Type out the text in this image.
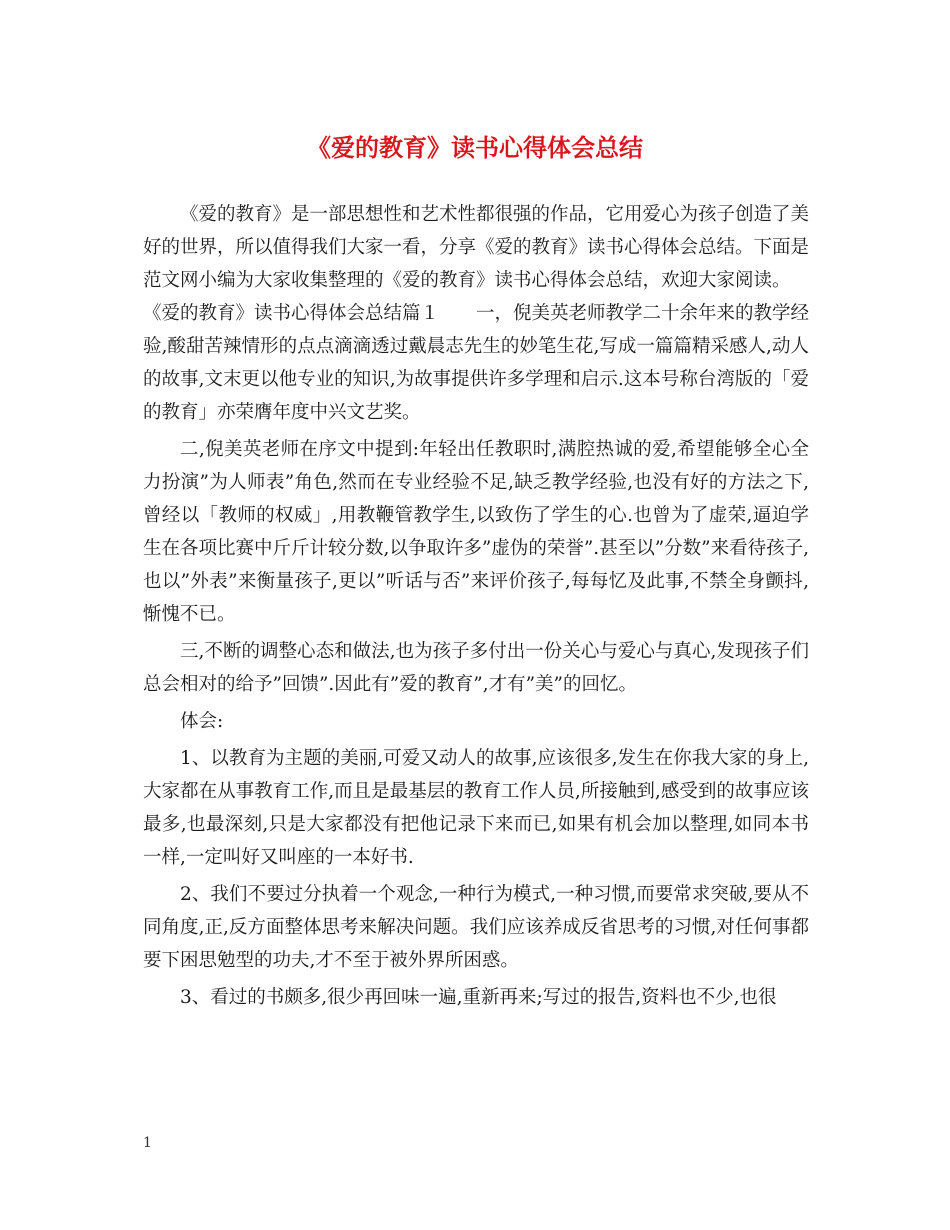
《爱的教育》读书心得体会总结

《爱的教育》是一部思想性和艺术性都很强的作品，它用爱心为孩子创造了美好的世界，所以值得我们大家一看，分享《爱的教育》读书心得体会总结。下面是范文网小编为大家收集整理的《爱的教育》读书心得体会总结，欢迎大家阅读。

《爱的教育》读书心得体会总结篇１　　一，倪美英老师教学二十余年来的教学经验,酸甜苦辣情形的点点滴滴透过戴晨志先生的妙笔生花,写成一篇篇精采感人,动人的故事,文末更以他专业的知识,为故事提供许多学理和启示.这本号称台湾版的「爱的教育」亦荣膺年度中兴文艺奖。

二,倪美英老师在序文中提到:年轻出任教职时,满腔热诚的爱,希望能够全心全力扮演”为人师表”角色,然而在专业经验不足,缺乏教学经验,也没有好的方法之下,曾经以「教师的权威」,用教鞭管教学生,以致伤了学生的心.也曾为了虚荣,逼迫学生在各项比赛中斤斤计较分数,以争取许多”虚伪的荣誉”.甚至以”分数”来看待孩子,也以”外表”来衡量孩子,更以”听话与否”来评价孩子,每每忆及此事,不禁全身颤抖,惭愧不已。

三,不断的调整心态和做法,也为孩子多付出一份关心与爱心与真心,发现孩子们总会相对的给予”回馈”.因此有”爱的教育”,才有”美”的回忆。

体会:

1、以教育为主题的美丽,可爱又动人的故事,应该很多,发生在你我大家的身上,大家都在从事教育工作,而且是最基层的教育工作人员,所接触到,感受到的故事应该最多,也最深刻,只是大家都没有把他记录下来而已,如果有机会加以整理,如同本书一样,一定叫好又叫座的一本好书.

2、我们不要过分执着一个观念,一种行为模式,一种习惯,而要常求突破,要从不同角度,正,反方面整体思考来解决问题。我们应该养成反省思考的习惯,对任何事都要下困思勉型的功夫,才不至于被外界所困惑。

3、看过的书颇多,很少再回味一遍,重新再来;写过的报告,资料也不少,也很

1
